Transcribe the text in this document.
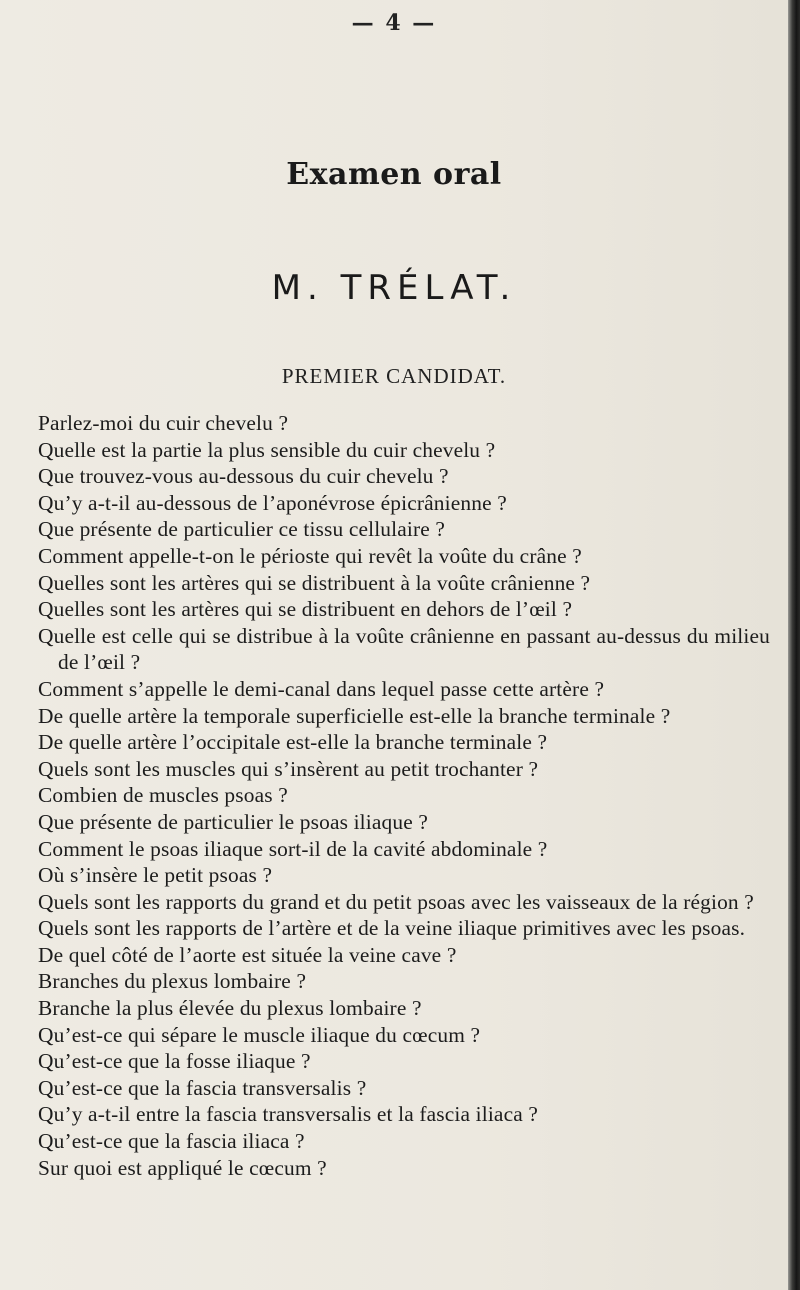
— 4 —
Examen oral
M. TRÉLAT.
PREMIER CANDIDAT.
Parlez-moi du cuir chevelu ?
Quelle est la partie la plus sensible du cuir chevelu ?
Que trouvez-vous au-dessous du cuir chevelu ?
Qu’y a-t-il au-dessous de l’aponévrose épicrânienne ?
Que présente de particulier ce tissu cellulaire ?
Comment appelle-t-on le périoste qui revêt la voûte du crâne ?
Quelles sont les artères qui se distribuent à la voûte crânienne ?
Quelles sont les artères qui se distribuent en dehors de l’œil ?
Quelle est celle qui se distribue à la voûte crânienne en passant au-dessus du milieu de l’œil ?
Comment s’appelle le demi-canal dans lequel passe cette artère ?
De quelle artère la temporale superficielle est-elle la branche terminale ?
De quelle artère l’occipitale est-elle la branche terminale ?
Quels sont les muscles qui s’insèrent au petit trochanter ?
Combien de muscles psoas ?
Que présente de particulier le psoas iliaque ?
Comment le psoas iliaque sort-il de la cavité abdominale ?
Où s’insère le petit psoas ?
Quels sont les rapports du grand et du petit psoas avec les vaisseaux de la région ?
Quels sont les rapports de l’artère et de la veine iliaque primitives avec les psoas.
De quel côté de l’aorte est située la veine cave ?
Branches du plexus lombaire ?
Branche la plus élevée du plexus lombaire ?
Qu’est-ce qui sépare le muscle iliaque du cœcum ?
Qu’est-ce que la fosse iliaque ?
Qu’est-ce que la fascia transversalis ?
Qu’y a-t-il entre la fascia transversalis et la fascia iliaca ?
Qu’est-ce que la fascia iliaca ?
Sur quoi est appliqué le cœcum ?
